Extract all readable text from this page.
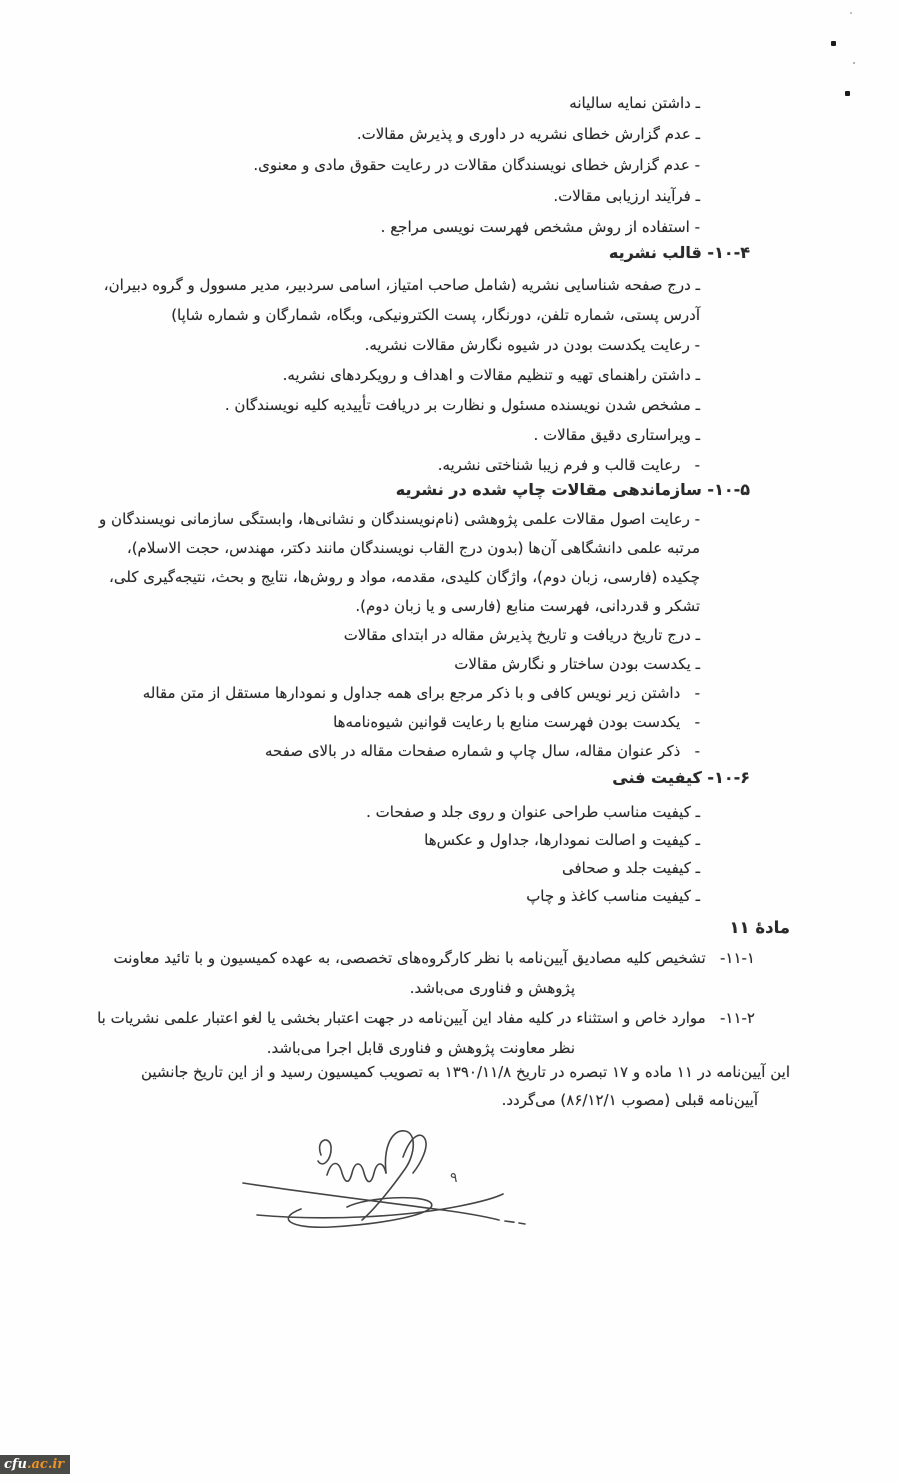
ـ داشتن نمایه سالیانه
ـ عدم گزارش خطای نشریه در داوری و پذیرش مقالات.
- عدم گزارش خطای نویسندگان مقالات در رعایت حقوق مادی و معنوی.
ـ فرآیند ارزیابی مقالات.
- استفاده از روش مشخص فهرست نویسی مراجع .
۱۰-۴- قالب نشریه
ـ درج صفحه شناسایی نشریه (شامل صاحب امتیاز، اسامی سردبیر، مدیر مسوول و گروه دبیران،
آدرس پستی، شماره تلفن، دورنگار، پست الکترونیکی، وبگاه، شمارگان و شماره شاپا)
- رعایت یکدست بودن در شیوه نگارش مقالات نشریه.
ـ داشتن راهنمای تهیه و تنظیم مقالات و اهداف و رویکردهای نشریه.
ـ مشخص شدن نویسنده مسئول و نظارت بر دریافت تأییدیه کلیه نویسندگان .
ـ ویراستاری دقیق مقالات .
-   رعایت قالب و فرم زیبا شناختی نشریه.
۱۰-۵- سازماندهی مقالات چاپ شده در نشریه
- رعایت اصول مقالات علمی پژوهشی (نام‌نویسندگان و نشانی‌ها، وابستگی سازمانی نویسندگان و
مرتبه علمی دانشگاهی آن‌ها (بدون درج القاب نویسندگان مانند دکتر، مهندس، حجت الاسلام)،
چکیده (فارسی، زبان دوم)، واژگان کلیدی، مقدمه، مواد و روش‌ها، نتایج و بحث، نتیجه‌گیری کلی،
تشکر و قدردانی، فهرست منابع (فارسی و یا زبان دوم).
ـ درج تاریخ دریافت و تاریخ پذیرش مقاله در ابتدای مقالات
ـ یکدست بودن ساختار و نگارش مقالات
-   داشتن زیر نویس کافی و با ذکر مرجع برای همه جداول و نمودارها مستقل از متن مقاله
-   یکدست بودن فهرست منابع با رعایت قوانین شیوه‌نامه‌ها
-   ذکر عنوان مقاله، سال چاپ و شماره صفحات مقاله در بالای صفحه
۱۰-۶- کیفیت فنی
ـ کیفیت مناسب طراحی عنوان و روی جلد و صفحات .
ـ کیفیت و اصالت نمودارها، جداول و عکس‌ها
ـ کیفیت جلد و صحافی
ـ کیفیت مناسب کاغذ و چاپ
مادۀ ۱۱
۱۱-۱-   تشخیص کلیه مصادیق آیین‌نامه با نظر کارگروه‌های تخصصی، به عهده کمیسیون و با تائید معاونت
پژوهش و فناوری می‌باشد.
۱۱-۲-   موارد خاص و استثناء در کلیه مفاد این آیین‌نامه در جهت اعتبار بخشی یا لغو اعتبار علمی نشریات با
نظر معاونت پژوهش و فناوری قابل اجرا می‌باشد.
این آیین‌نامه در ۱۱ ماده و ۱۷ تبصره در تاریخ ۱۳۹۰/۱۱/۸ به تصویب کمیسیون رسید و از این تاریخ جانشین
آیین‌نامه قبلی (مصوب ۸۶/۱۲/۱) می‌گردد.
۹
cfu .ac.ir
